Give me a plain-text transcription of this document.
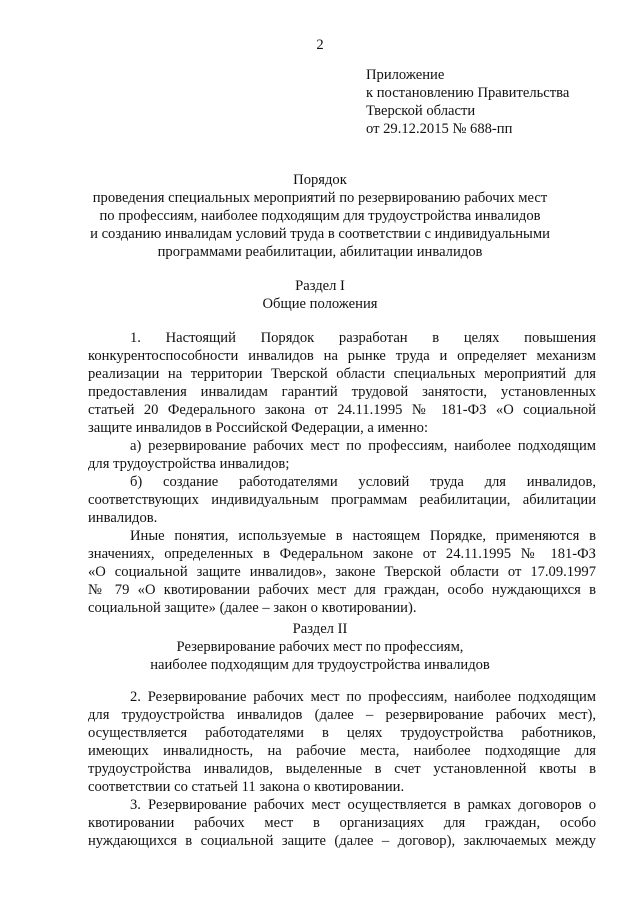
2
Приложение
к постановлению Правительства
Тверской области
от 29.12.2015 № 688-пп
Порядок
проведения специальных мероприятий по резервированию рабочих мест
по профессиям, наиболее подходящим для трудоустройства инвалидов
и созданию инвалидам условий труда в соответствии с индивидуальными
программами реабилитации, абилитации инвалидов
Раздел I
Общие положения
1. Настоящий Порядок разработан в целях повышения
конкурентоспособности инвалидов на рынке труда и определяет механизм
реализации на территории Тверской области специальных мероприятий для
предоставления инвалидам гарантий трудовой занятости, установленных
статьей 20 Федерального закона от 24.11.1995 № 181-ФЗ «О социальной
защите инвалидов в Российской Федерации, а именно:
а) резервирование рабочих мест по профессиям, наиболее подходящим
для трудоустройства инвалидов;
б) создание работодателями условий труда для инвалидов,
соответствующих индивидуальным программам реабилитации, абилитации
инвалидов.
Иные понятия, используемые в настоящем Порядке, применяются в
значениях, определенных в Федеральном законе от 24.11.1995 № 181-ФЗ
«О социальной защите инвалидов», законе Тверской области от 17.09.1997
№ 79 «О квотировании рабочих мест для граждан, особо нуждающихся в
социальной защите» (далее – закон о квотировании).
Раздел II
Резервирование рабочих мест по профессиям,
наиболее подходящим для трудоустройства инвалидов
2. Резервирование рабочих мест по профессиям, наиболее подходящим
для трудоустройства инвалидов (далее – резервирование рабочих мест),
осуществляется работодателями в целях трудоустройства работников,
имеющих инвалидность, на рабочие места, наиболее подходящие для
трудоустройства инвалидов, выделенные в счет установленной квоты в
соответствии со статьей 11 закона о квотировании.
3. Резервирование рабочих мест осуществляется в рамках договоров о
квотировании рабочих мест в организациях для граждан, особо
нуждающихся в социальной защите (далее – договор), заключаемых между
